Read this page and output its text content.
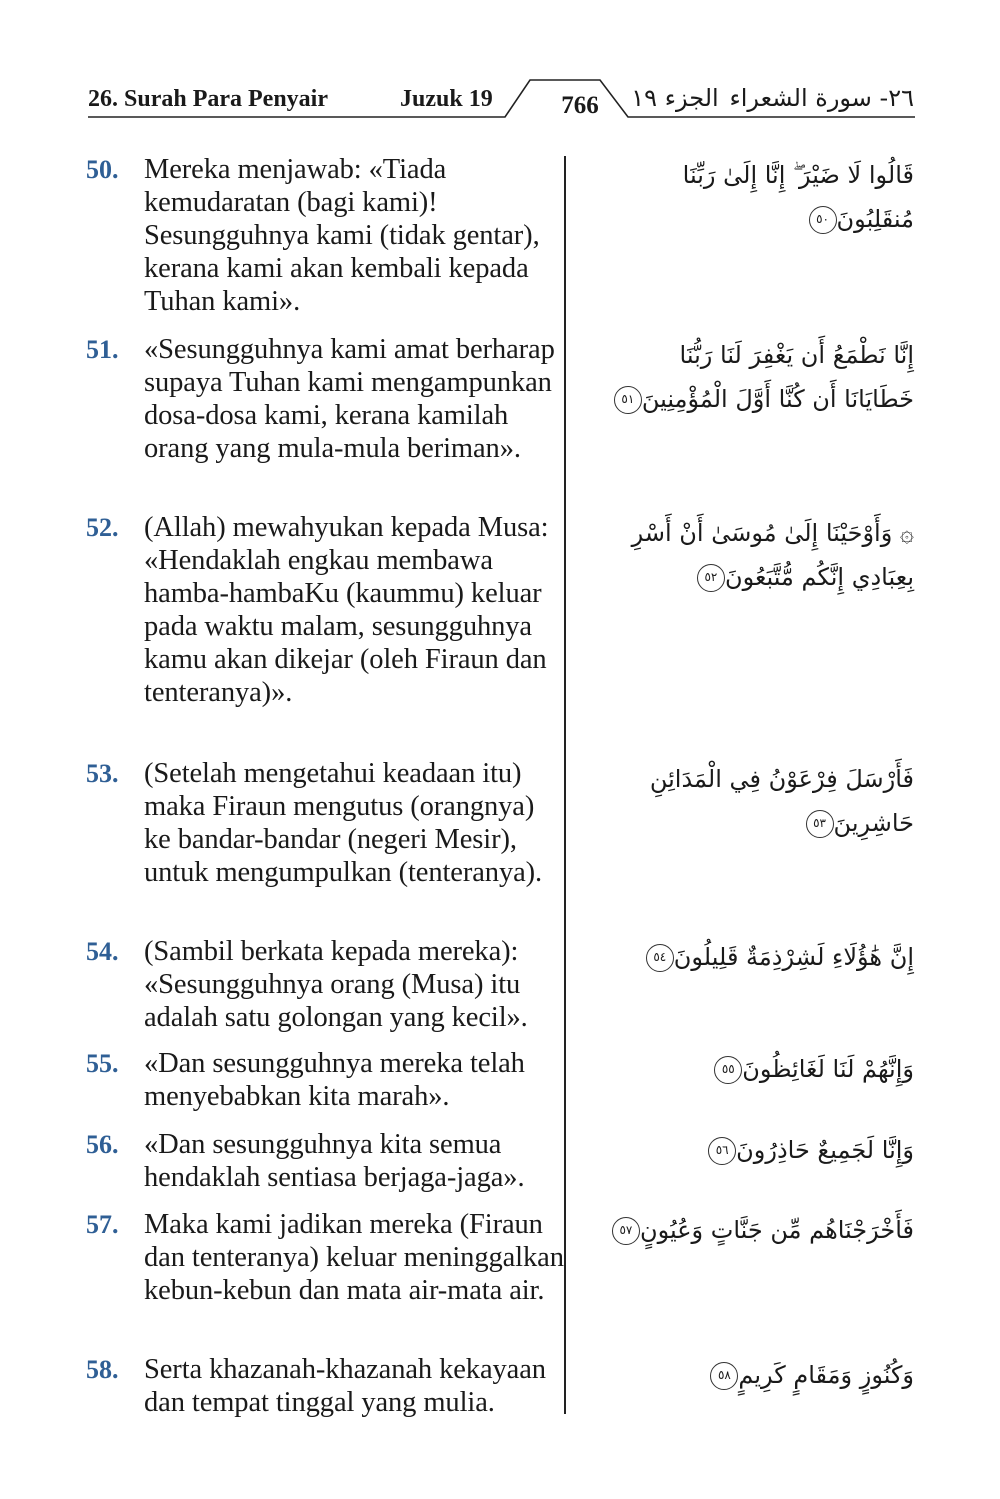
26. Surah Para Penyair	Juzuk 19	766	الجزء ١٩ ٢٦- سورة الشعراء
50. Mereka menjawab: «Tiada kemudaratan (bagi kami)! Sesungguhnya kami (tidak gentar), kerana kami akan kembali kepada Tuhan kami».
قَالُوا لَا ضَيْرَ ۖ إِنَّا إِلَىٰ رَبِّنَا مُنقَلِبُونَ٥٠
51. «Sesungguhnya kami amat berharap supaya Tuhan kami mengampunkan dosa-dosa kami, kerana kamilah orang yang mula-mula beriman».
إِنَّا نَطْمَعُ أَن يَغْفِرَ لَنَا رَبُّنَا خَطَايَانَا أَن كُنَّا أَوَّلَ الْمُؤْمِنِينَ٥١
52. (Allah) mewahyukan kepada Musa: «Hendaklah engkau membawa hamba-hambaKu (kaummu) keluar pada waktu malam, sesungguhnya kamu akan dikejar (oleh Firaun dan tenteranya)».
۞ وَأَوْحَيْنَا إِلَىٰ مُوسَىٰ أَنْ أَسْرِ بِعِبَادِي إِنَّكُم مُّتَّبَعُونَ٥٢
53. (Setelah mengetahui keadaan itu) maka Firaun mengutus (orangnya) ke bandar-bandar (negeri Mesir), untuk mengumpulkan (tenteranya).
فَأَرْسَلَ فِرْعَوْنُ فِي الْمَدَائِنِ حَاشِرِينَ٥٣
54. (Sambil berkata kepada mereka): «Sesungguhnya orang (Musa) itu adalah satu golongan yang kecil».
إِنَّ هَٰؤُلَاءِ لَشِرْذِمَةٌ قَلِيلُونَ٥٤
55. «Dan sesungguhnya mereka telah menyebabkan kita marah».
وَإِنَّهُمْ لَنَا لَغَائِظُونَ٥٥
56. «Dan sesungguhnya kita semua hendaklah sentiasa berjaga-jaga».
وَإِنَّا لَجَمِيعٌ حَاذِرُونَ٥٦
57. Maka kami jadikan mereka (Firaun dan tenteranya) keluar meninggalkan kebun-kebun dan mata air-mata air.
فَأَخْرَجْنَاهُم مِّن جَنَّاتٍ وَعُيُونٍ٥٧
58. Serta khazanah-khazanah kekayaan dan tempat tinggal yang mulia.
وَكُنُوزٍ وَمَقَامٍ كَرِيمٍ٥٨
